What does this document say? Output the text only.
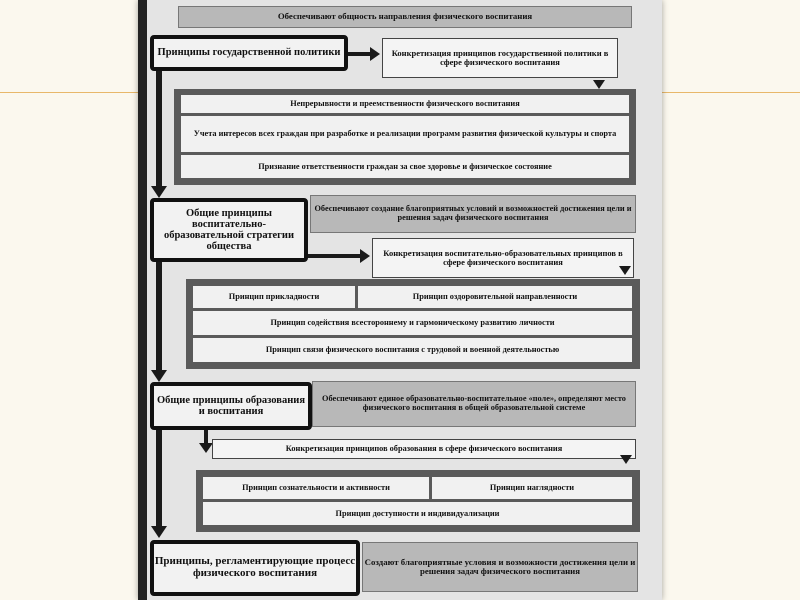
Обеспечивают общность направления физического воспитания
Принципы государственной политики	Конкретизация принципов государственной политики в сфере физического воспитания
Непрерывности и преемственности физического воспитания
Учета интересов всех граждан при разработке и реализации программ развития физической культуры и спорта
Признание ответственности граждан за свое здоровье и физическое состояние
Общие принципы воспитательно-образовательной стратегии общества
Обеспечивают создание благоприятных условий и возможностей достижения цели и решения задач физического воспитания
Конкретизация воспитательно-образовательных принципов в сфере физического воспитания
Принцип прикладности	Принцип оздоровительной направленности
Принцип содействия всестороннему и гармоническому развитию личности
Принцип связи физического воспитания с трудовой и военной деятельностью
Общие принципы образования и воспитания
Обеспечивают единое образовательно-воспитательное «поле», определяют место физического воспитания в общей образовательной системе
Конкретизация принципов образования в сфере физического воспитания
Принцип сознательности и активности	Принцип наглядности
Принцип доступности и индивидуализации
Принципы, регламентирующие процесс физического воспитания
Создают благоприятные условия и возможности достижения цели и решения задач физического воспитания
